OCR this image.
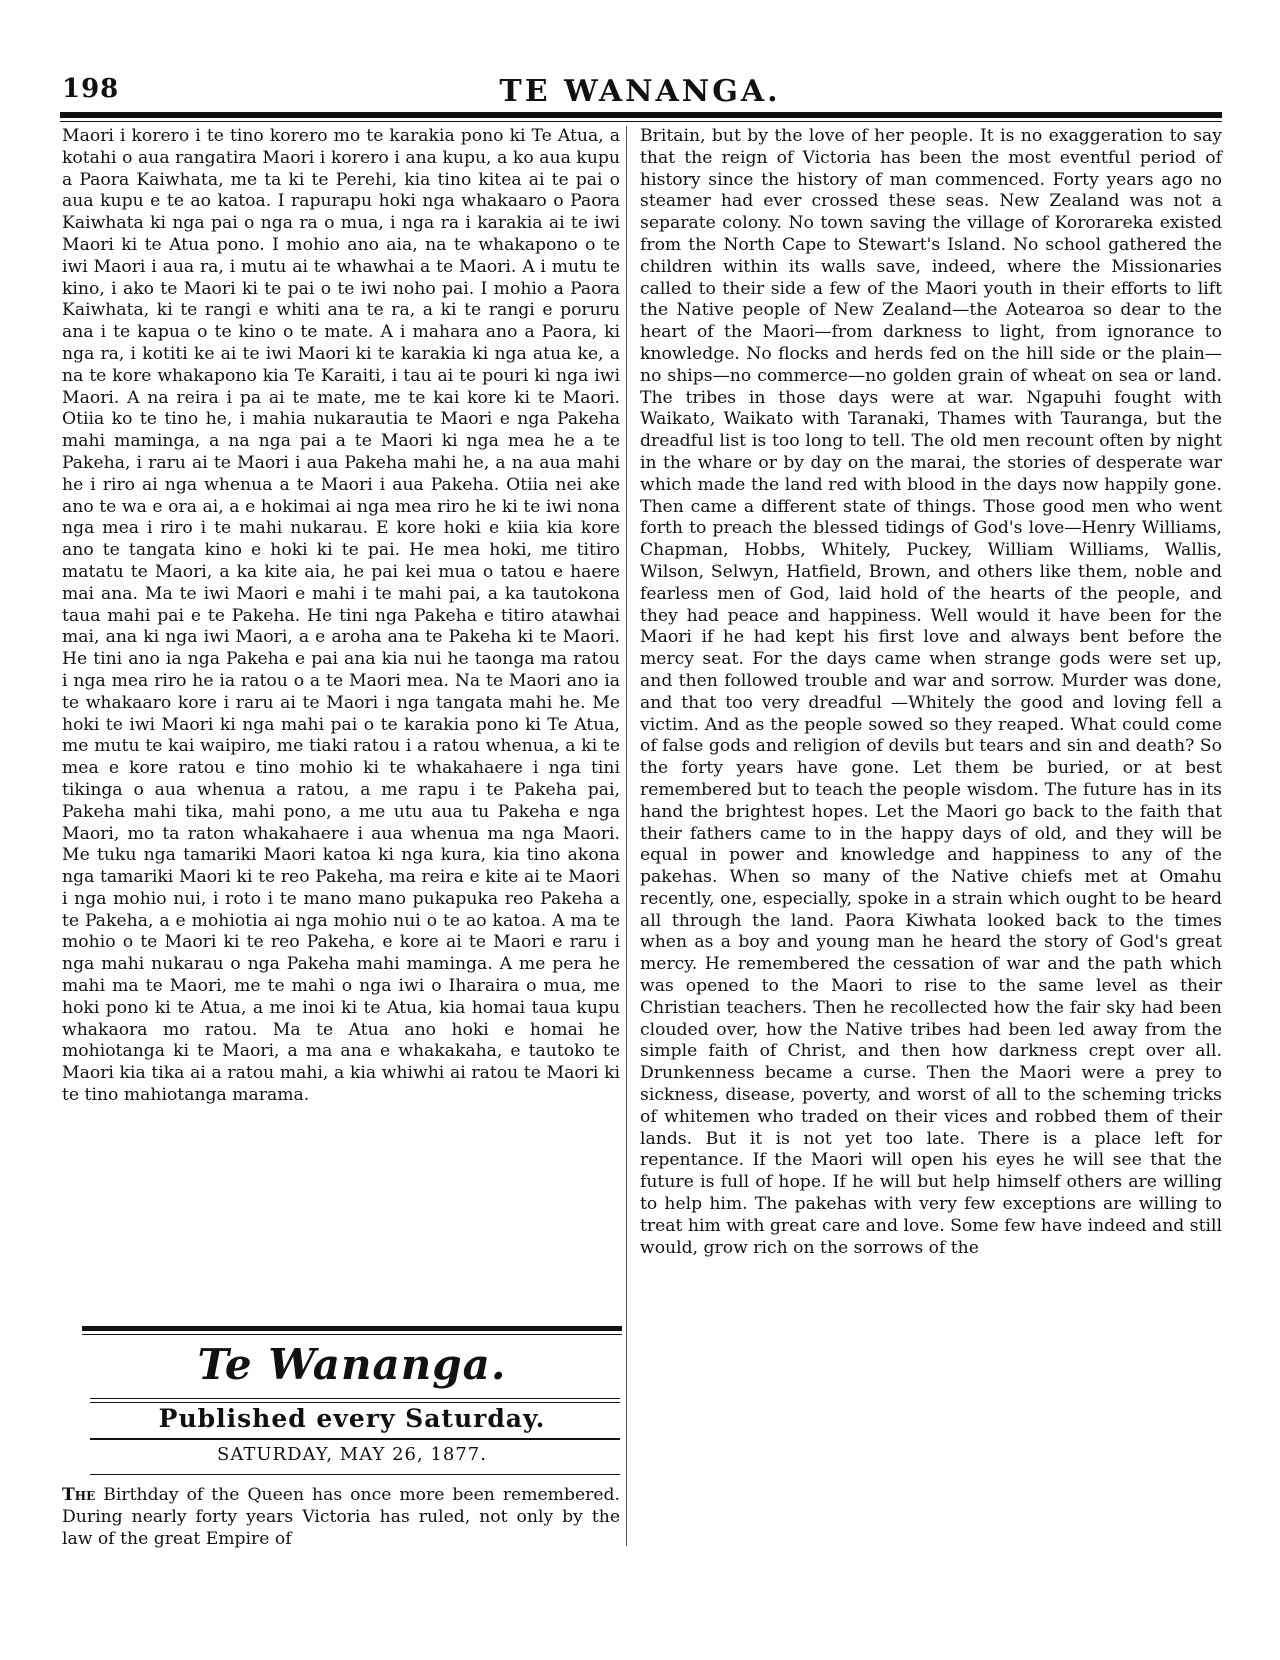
198	TE WANANGA.
Maori i korero i te tino korero mo te karakia pono ki Te Atua, a kotahi o aua rangatira Maori i korero i ana kupu, a ko aua kupu a Paora Kaiwhata, me ta ki te Perehi, kia tino kitea ai te pai o aua kupu e te ao katoa. I rapurapu hoki nga whakaaro o Paora Kaiwhata ki nga pai o nga ra o mua, i nga ra i karakia ai te iwi Maori ki te Atua pono. I mohio ano aia, na te whakapono o te iwi Maori i aua ra, i mutu ai te whawhai a te Maori. A i mutu te kino, i ako te Maori ki te pai o te iwi noho pai. I mohio a Paora Kaiwhata, ki te rangi e whiti ana te ra, a ki te rangi e poruru ana i te kapua o te kino o te mate. A i mahara ano a Paora, ki nga ra, i kotiti ke ai te iwi Maori ki te karakia ki nga atua ke, a na te kore whakapono kia Te Karaiti, i tau ai te pouri ki nga iwi Maori. A na reira i pa ai te mate, me te kai kore ki te Maori. Otiia ko te tino he, i mahia nukarautia te Maori e nga Pakeha mahi maminga, a na nga pai a te Maori ki nga mea he a te Pakeha, i raru ai te Maori i aua Pakeha mahi he, a na aua mahi he i riro ai nga whenua a te Maori i aua Pakeha. Otiia nei ake ano te wa e ora ai, a e hokimai ai nga mea riro he ki te iwi nona nga mea i riro i te mahi nukarau. E kore hoki e kiia kia kore ano te tangata kino e hoki ki te pai. He mea hoki, me titiro matatu te Maori, a ka kite aia, he pai kei mua o tatou e haere mai ana. Ma te iwi Maori e mahi i te mahi pai, a ka tautokona taua mahi pai e te Pakeha. He tini nga Pakeha e titiro atawhai mai, ana ki nga iwi Maori, a e aroha ana te Pakeha ki te Maori. He tini ano ia nga Pakeha e pai ana kia nui he taonga ma ratou i nga mea riro he ia ratou o a te Maori mea. Na te Maori ano ia te whakaaro kore i raru ai te Maori i nga tangata mahi he. Me hoki te iwi Maori ki nga mahi pai o te karakia pono ki Te Atua, me mutu te kai waipiro, me tiaki ratou i a ratou whenua, a ki te mea e kore ratou e tino mohio ki te whakahaere i nga tini tikinga o aua whenua a ratou, a me rapu i te Pakeha pai, Pakeha mahi tika, mahi pono, a me utu aua tu Pakeha e nga Maori, mo ta raton whakahaere i aua whenua ma nga Maori. Me tuku nga tamariki Maori katoa ki nga kura, kia tino akona nga tamariki Maori ki te reo Pakeha, ma reira e kite ai te Maori i nga mohio nui, i roto i te mano mano pukapuka reo Pakeha a te Pakeha, a e mohiotia ai nga mohio nui o te ao katoa. A ma te mohio o te Maori ki te reo Pakeha, e kore ai te Maori e raru i nga mahi nukarau o nga Pakeha mahi maminga. A me pera he mahi ma te Maori, me te mahi o nga iwi o Iharaira o mua, me hoki pono ki te Atua, a me inoi ki te Atua, kia homai taua kupu whakaora mo ratou. Ma te Atua ano hoki e homai he mohiotanga ki te Maori, a ma ana e whakakaha, e tautoko te Maori kia tika ai a ratou mahi, a kia whiwhi ai ratou te Maori ki te tino mahiotanga marama.
Britain, but by the love of her people. It is no exaggeration to say that the reign of Victoria has been the most eventful period of history since the history of man commenced. Forty years ago no steamer had ever crossed these seas. New Zealand was not a separate colony. No town saving the village of Kororareka existed from the North Cape to Stewart's Island. No school gathered the children within its walls save, indeed, where the Missionaries called to their side a few of the Maori youth in their efforts to lift the Native people of New Zealand—the Aotearoa so dear to the heart of the Maori—from darkness to light, from ignorance to knowledge. No flocks and herds fed on the hill side or the plain—no ships—no commerce—no golden grain of wheat on sea or land. The tribes in those days were at war. Ngapuhi fought with Waikato, Waikato with Taranaki, Thames with Tauranga, but the dreadful list is too long to tell. The old men recount often by night in the whare or by day on the marai, the stories of desperate war which made the land red with blood in the days now happily gone. Then came a different state of things. Those good men who went forth to preach the blessed tidings of God's love—Henry Williams, Chapman, Hobbs, Whitely, Puckey, William Williams, Wallis, Wilson, Selwyn, Hatfield, Brown, and others like them, noble and fearless men of God, laid hold of the hearts of the people, and they had peace and happiness. Well would it have been for the Maori if he had kept his first love and always bent before the mercy seat. For the days came when strange gods were set up, and then followed trouble and war and sorrow. Murder was done, and that too very dreadful —Whitely the good and loving fell a victim. And as the people sowed so they reaped. What could come of false gods and religion of devils but tears and sin and death? So the forty years have gone. Let them be buried, or at best remembered but to teach the people wisdom. The future has in its hand the brightest hopes. Let the Maori go back to the faith that their fathers came to in the happy days of old, and they will be equal in power and knowledge and happiness to any of the pakehas. When so many of the Native chiefs met at Omahu recently, one, especially, spoke in a strain which ought to be heard all through the land. Paora Kiwhata looked back to the times when as a boy and young man he heard the story of God's great mercy. He remembered the cessation of war and the path which was opened to the Maori to rise to the same level as their Christian teachers. Then he recollected how the fair sky had been clouded over, how the Native tribes had been led away from the simple faith of Christ, and then how darkness crept over all. Drunkenness became a curse. Then the Maori were a prey to sickness, disease, poverty, and worst of all to the scheming tricks of whitemen who traded on their vices and robbed them of their lands. But it is not yet too late. There is a place left for repentance. If the Maori will open his eyes he will see that the future is full of hope. If he will but help himself others are willing to help him. The pakehas with very few exceptions are willing to treat him with great care and love. Some few have indeed and still would, grow rich on the sorrows of the
Te Wananga.
Published every Saturday.
SATURDAY, MAY 26, 1877.
The Birthday of the Queen has once more been remembered. During nearly forty years Victoria has ruled, not only by the law of the great Empire of
